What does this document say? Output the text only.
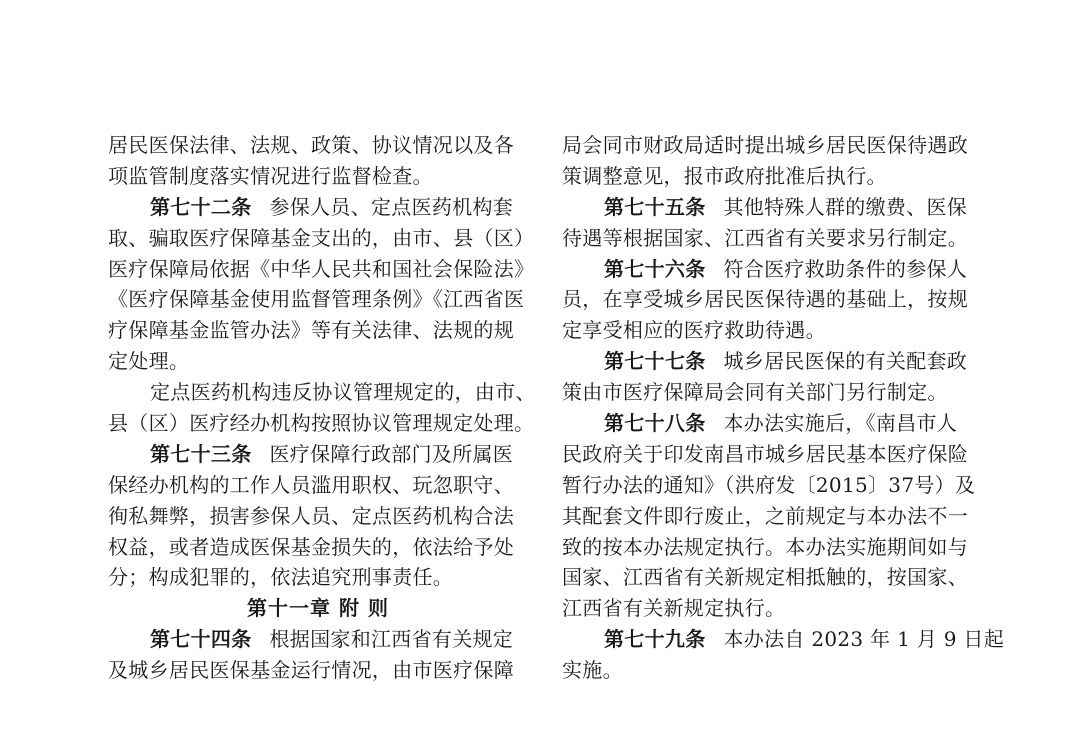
居民医保法律、法规、政策、协议情况以及各
项监管制度落实情况进行监督检查。
第七十二条 参保人员、定点医药机构套
取、骗取医疗保障基金支出的，由市、县（区）
医疗保障局依据《中华人民共和国社会保险法》
《医疗保障基金使用监督管理条例》《江西省医
疗保障基金监管办法》等有关法律、法规的规
定处理。
定点医药机构违反协议管理规定的，由市、
县（区）医疗经办机构按照协议管理规定处理。
第七十三条 医疗保障行政部门及所属医
保经办机构的工作人员滥用职权、玩忽职守、
徇私舞弊，损害参保人员、定点医药机构合法
权益，或者造成医保基金损失的，依法给予处
分；构成犯罪的，依法追究刑事责任。
第十一章 附 则
第七十四条 根据国家和江西省有关规定
及城乡居民医保基金运行情况，由市医疗保障
局会同市财政局适时提出城乡居民医保待遇政
策调整意见，报市政府批准后执行。
第七十五条 其他特殊人群的缴费、医保
待遇等根据国家、江西省有关要求另行制定。
第七十六条 符合医疗救助条件的参保人
员，在享受城乡居民医保待遇的基础上，按规
定享受相应的医疗救助待遇。
第七十七条 城乡居民医保的有关配套政
策由市医疗保障局会同有关部门另行制定。
第七十八条 本办法实施后，《南昌市人
民政府关于印发南昌市城乡居民基本医疗保险
暂行办法的通知》（洪府发〔2015〕37号）及
其配套文件即行废止，之前规定与本办法不一
致的按本办法规定执行。本办法实施期间如与
国家、江西省有关新规定相抵触的，按国家、
江西省有关新规定执行。
第七十九条 本办法自 2023 年 1 月 9 日起
实施。
